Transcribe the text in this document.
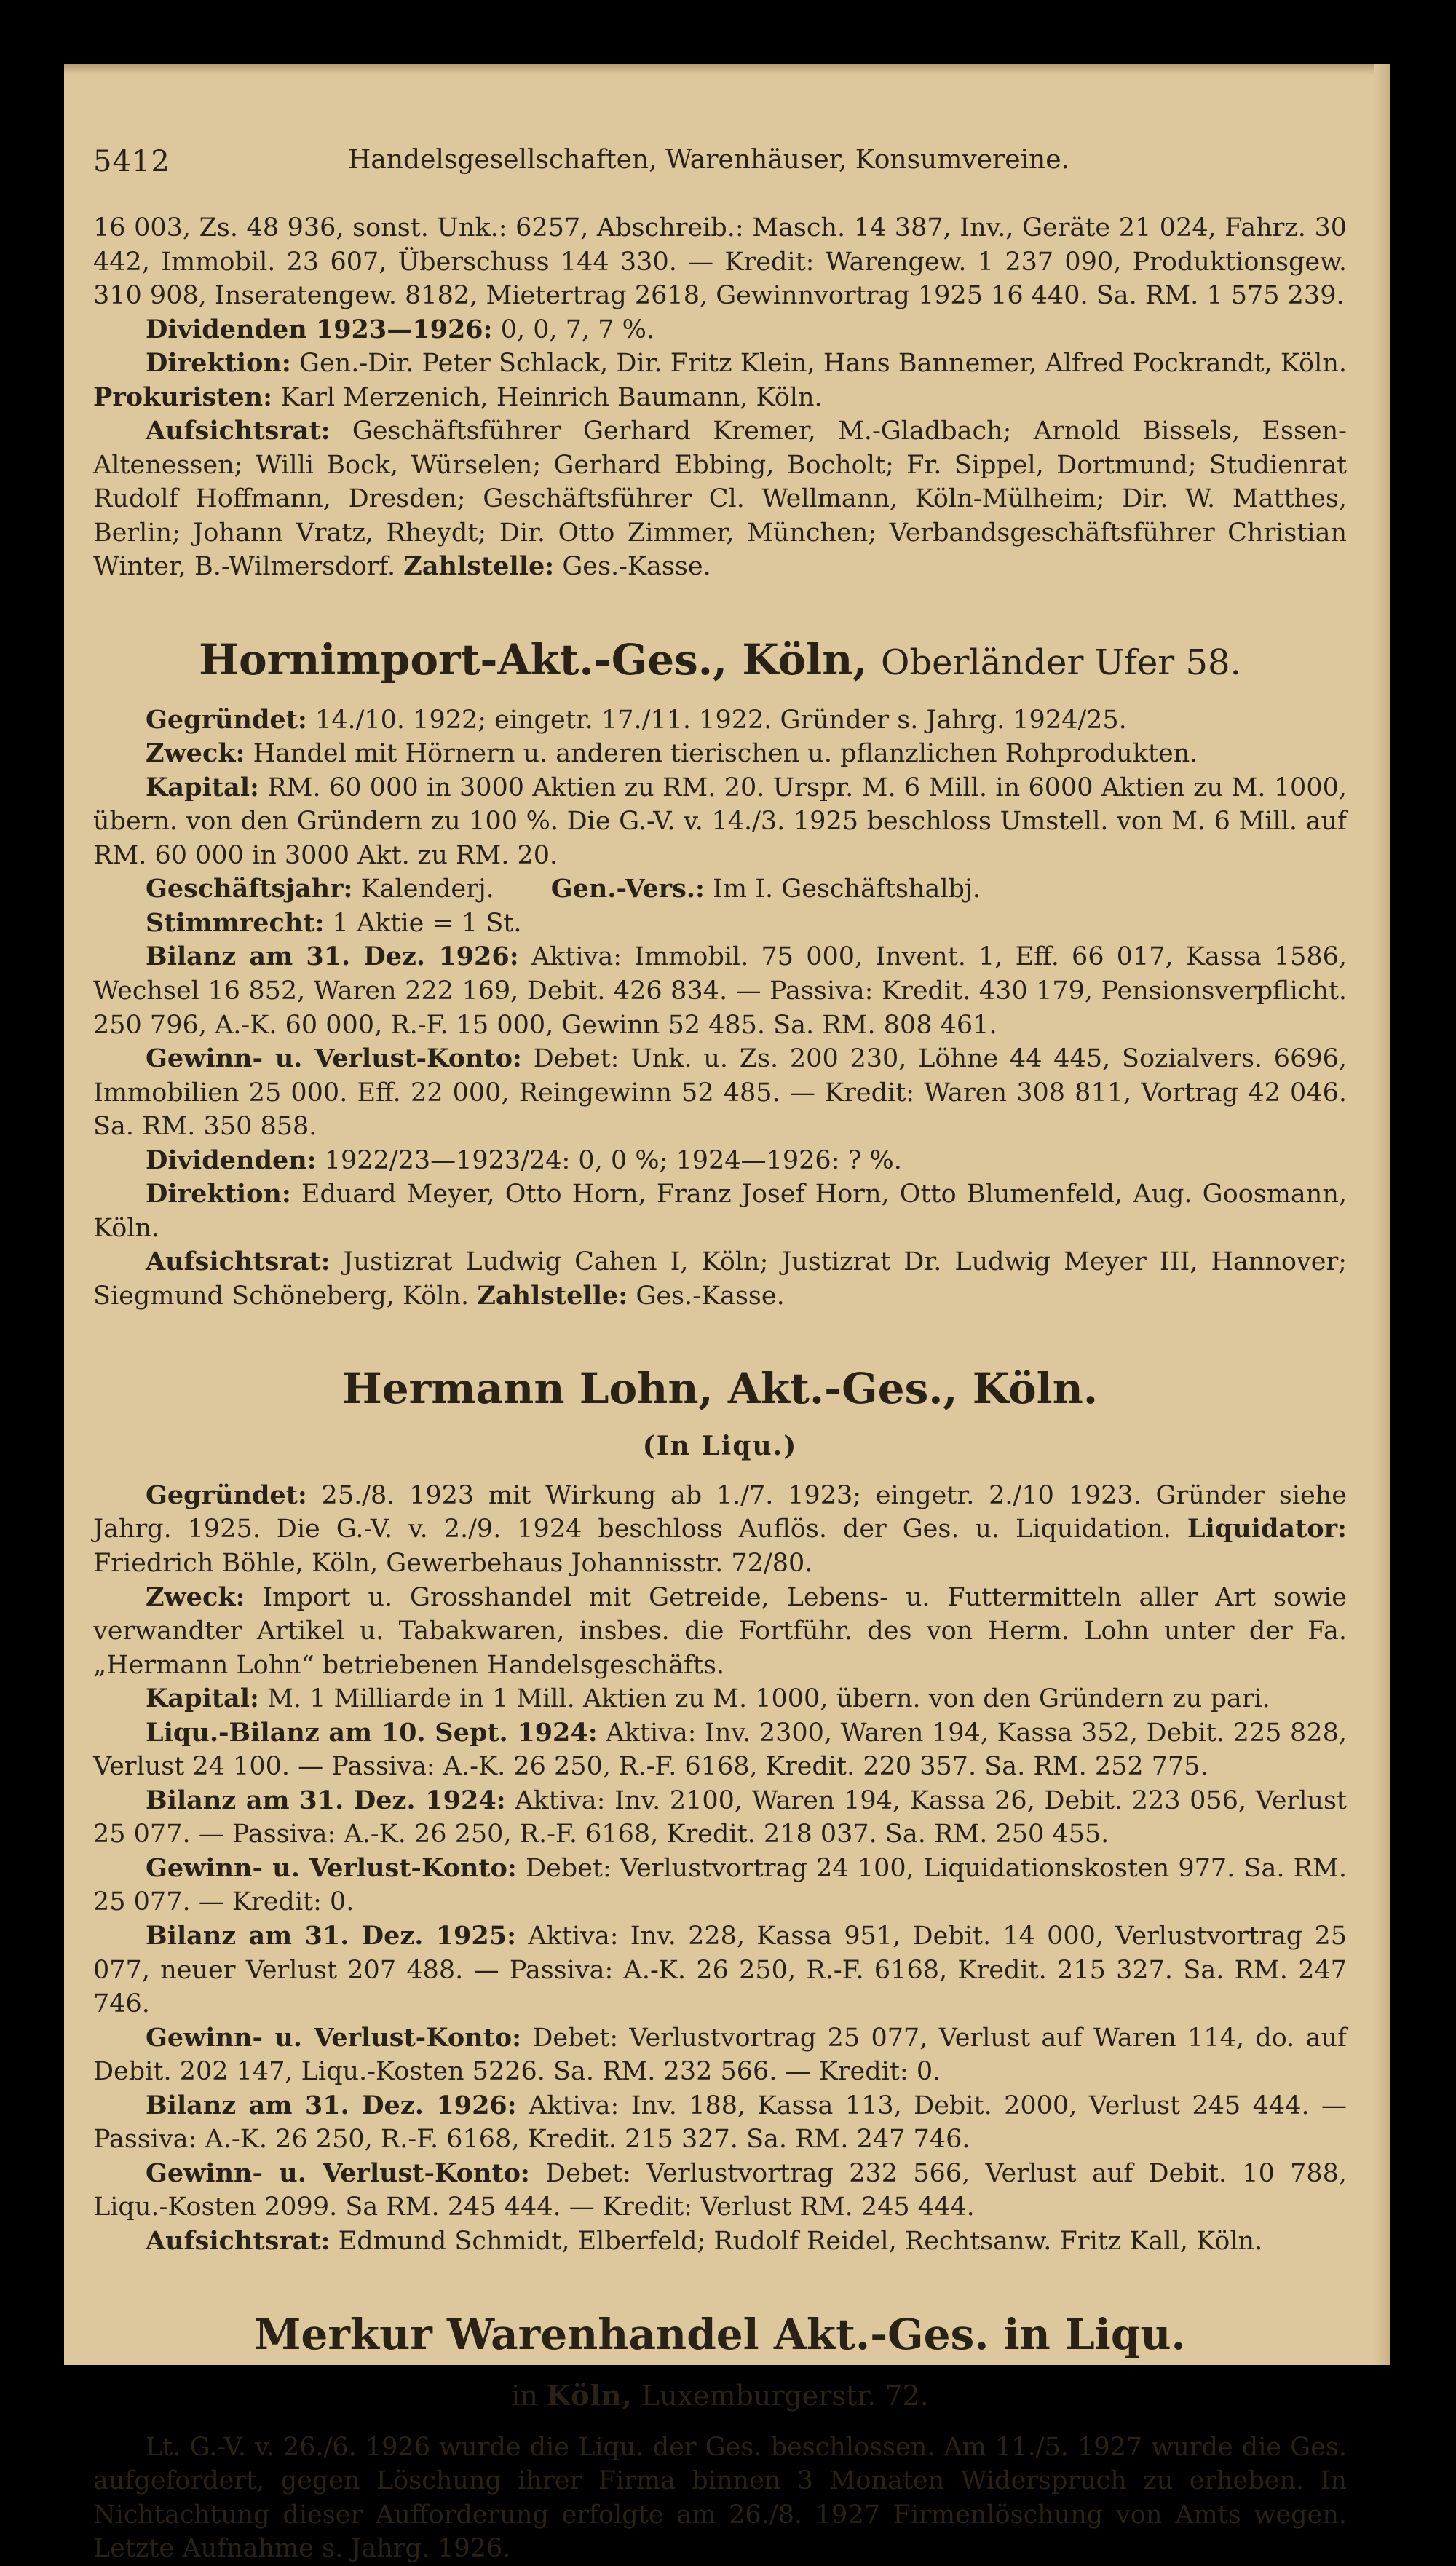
5412	Handelsgesellschaften, Warenhäuser, Konsumvereine.

16 003, Zs. 48 936, sonst. Unk.: 6257, Abschreib.: Masch. 14 387, Inv., Geräte 21 024, Fahrz. 30 442, Immobil. 23 607, Überschuss 144 330. — Kredit: Warengew. 1 237 090, Produktionsgew. 310 908, Inseratengew. 8182, Mietertrag 2618, Gewinnvortrag 1925 16 440. Sa. RM. 1 575 239.

Dividenden 1923—1926: 0, 0, 7, 7 %.

Direktion: Gen.-Dir. Peter Schlack, Dir. Fritz Klein, Hans Bannemer, Alfred Pockrandt, Köln. Prokuristen: Karl Merzenich, Heinrich Baumann, Köln.

Aufsichtsrat: Geschäftsführer Gerhard Kremer, M.-Gladbach; Arnold Bissels, Essen-Altenessen; Willi Bock, Würselen; Gerhard Ebbing, Bocholt; Fr. Sippel, Dortmund; Studienrat Rudolf Hoffmann, Dresden; Geschäftsführer Cl. Wellmann, Köln-Mülheim; Dir. W. Matthes, Berlin; Johann Vratz, Rheydt; Dir. Otto Zimmer, München; Verbandsgeschäftsführer Christian Winter, B.-Wilmersdorf. Zahlstelle: Ges.-Kasse.

Hornimport-Akt.-Ges., Köln, Oberländer Ufer 58.

Gegründet: 14./10. 1922; eingetr. 17./11. 1922. Gründer s. Jahrg. 1924/25.

Zweck: Handel mit Hörnern u. anderen tierischen u. pflanzlichen Rohprodukten.

Kapital: RM. 60 000 in 3000 Aktien zu RM. 20. Urspr. M. 6 Mill. in 6000 Aktien zu M. 1000, übern. von den Gründern zu 100 %. Die G.-V. v. 14./3. 1925 beschloss Umstell. von M. 6 Mill. auf RM. 60 000 in 3000 Akt. zu RM. 20.

Geschäftsjahr: Kalenderj. Gen.-Vers.: Im I. Geschäftshalbj.

Stimmrecht: 1 Aktie = 1 St.

Bilanz am 31. Dez. 1926: Aktiva: Immobil. 75 000, Invent. 1, Eff. 66 017, Kassa 1586, Wechsel 16 852, Waren 222 169, Debit. 426 834. — Passiva: Kredit. 430 179, Pensionsverpflicht. 250 796, A.-K. 60 000, R.-F. 15 000, Gewinn 52 485. Sa. RM. 808 461.

Gewinn- u. Verlust-Konto: Debet: Unk. u. Zs. 200 230, Löhne 44 445, Sozialvers. 6696, Immobilien 25 000. Eff. 22 000, Reingewinn 52 485. — Kredit: Waren 308 811, Vortrag 42 046. Sa. RM. 350 858.

Dividenden: 1922/23—1923/24: 0, 0 %; 1924—1926: ? %.

Direktion: Eduard Meyer, Otto Horn, Franz Josef Horn, Otto Blumenfeld, Aug. Goosmann, Köln.

Aufsichtsrat: Justizrat Ludwig Cahen I, Köln; Justizrat Dr. Ludwig Meyer III, Hannover; Siegmund Schöneberg, Köln. Zahlstelle: Ges.-Kasse.

Hermann Lohn, Akt.-Ges., Köln.
(In Liqu.)

Gegründet: 25./8. 1923 mit Wirkung ab 1./7. 1923; eingetr. 2./10 1923. Gründer siehe Jahrg. 1925. Die G.-V. v. 2./9. 1924 beschloss Auflös. der Ges. u. Liquidation. Liquidator: Friedrich Böhle, Köln, Gewerbehaus Johannisstr. 72/80.

Zweck: Import u. Grosshandel mit Getreide, Lebens- u. Futtermitteln aller Art sowie verwandter Artikel u. Tabakwaren, insbes. die Fortführ. des von Herm. Lohn unter der Fa. „Hermann Lohn“ betriebenen Handelsgeschäfts.

Kapital: M. 1 Milliarde in 1 Mill. Aktien zu M. 1000, übern. von den Gründern zu pari.

Liqu.-Bilanz am 10. Sept. 1924: Aktiva: Inv. 2300, Waren 194, Kassa 352, Debit. 225 828, Verlust 24 100. — Passiva: A.-K. 26 250, R.-F. 6168, Kredit. 220 357. Sa. RM. 252 775.

Bilanz am 31. Dez. 1924: Aktiva: Inv. 2100, Waren 194, Kassa 26, Debit. 223 056, Verlust 25 077. — Passiva: A.-K. 26 250, R.-F. 6168, Kredit. 218 037. Sa. RM. 250 455.

Gewinn- u. Verlust-Konto: Debet: Verlustvortrag 24 100, Liquidationskosten 977. Sa. RM. 25 077. — Kredit: 0.

Bilanz am 31. Dez. 1925: Aktiva: Inv. 228, Kassa 951, Debit. 14 000, Verlustvortrag 25 077, neuer Verlust 207 488. — Passiva: A.-K. 26 250, R.-F. 6168, Kredit. 215 327. Sa. RM. 247 746.

Gewinn- u. Verlust-Konto: Debet: Verlustvortrag 25 077, Verlust auf Waren 114, do. auf Debit. 202 147, Liqu.-Kosten 5226. Sa. RM. 232 566. — Kredit: 0.

Bilanz am 31. Dez. 1926: Aktiva: Inv. 188, Kassa 113, Debit. 2000, Verlust 245 444. — Passiva: A.-K. 26 250, R.-F. 6168, Kredit. 215 327. Sa. RM. 247 746.

Gewinn- u. Verlust-Konto: Debet: Verlustvortrag 232 566, Verlust auf Debit. 10 788, Liqu.-Kosten 2099. Sa RM. 245 444. — Kredit: Verlust RM. 245 444.

Aufsichtsrat: Edmund Schmidt, Elberfeld; Rudolf Reidel, Rechtsanw. Fritz Kall, Köln.

Merkur Warenhandel Akt.-Ges. in Liqu.
in Köln, Luxemburgerstr. 72.

Lt. G.-V. v. 26./6. 1926 wurde die Liqu. der Ges. beschlossen. Am 11./5. 1927 wurde die Ges. aufgefordert, gegen Löschung ihrer Firma binnen 3 Monaten Widerspruch zu erheben. In Nichtachtung dieser Aufforderung erfolgte am 26./8. 1927 Firmenlöschung von Amts wegen. Letzte Aufnahme s. Jahrg. 1926.
